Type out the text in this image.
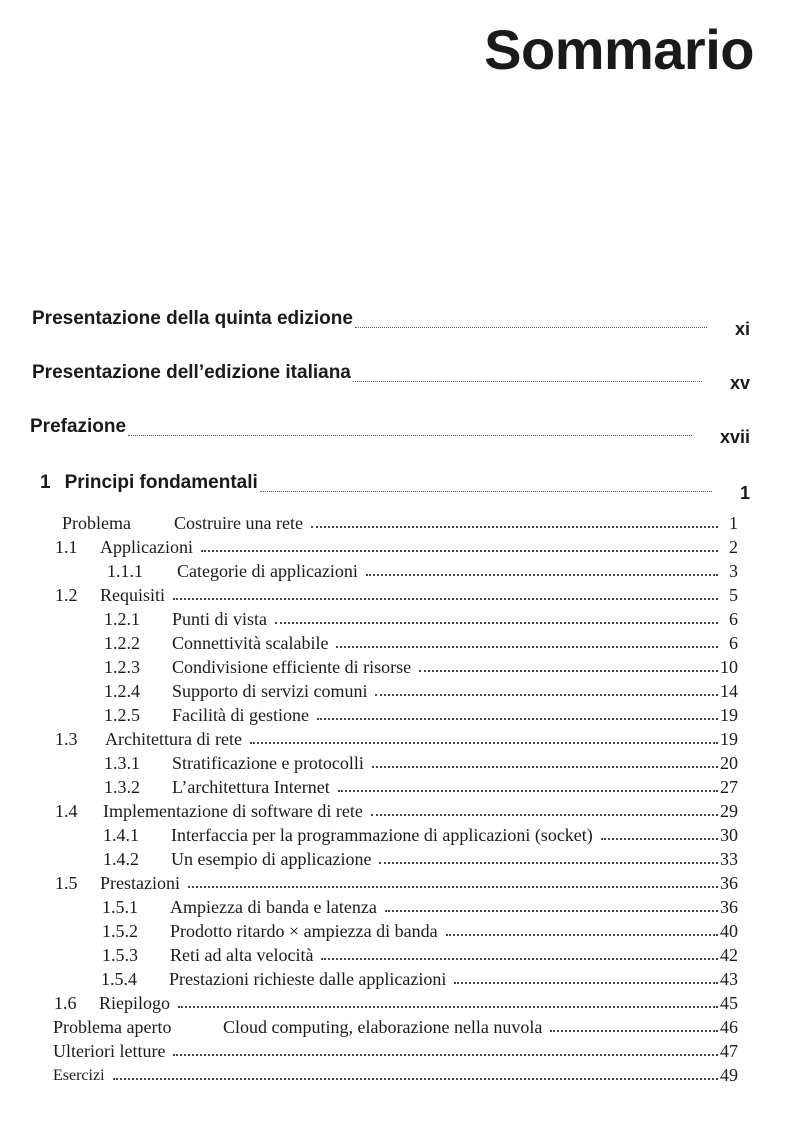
Sommario
Presentazione della quinta edizione	xi
Presentazione dell’edizione italiana	xv
Prefazione	xvii
1 Principi fondamentali	1
Problema	Costruire una rete	1
1.1	Applicazioni	2
1.1.1	Categorie di applicazioni	3
1.2	Requisiti	5
1.2.1	Punti di vista	6
1.2.2	Connettività scalabile	6
1.2.3	Condivisione efficiente di risorse	10
1.2.4	Supporto di servizi comuni	14
1.2.5	Facilità di gestione	19
1.3	Architettura di rete	19
1.3.1	Stratificazione e protocolli	20
1.3.2	L’architettura Internet	27
1.4	Implementazione di software di rete	29
1.4.1	Interfaccia per la programmazione di applicazioni (socket)	30
1.4.2	Un esempio di applicazione	33
1.5	Prestazioni	36
1.5.1	Ampiezza di banda e latenza	36
1.5.2	Prodotto ritardo × ampiezza di banda	40
1.5.3	Reti ad alta velocità	42
1.5.4	Prestazioni richieste dalle applicazioni	43
1.6	Riepilogo	45
Problema aperto	Cloud computing, elaborazione nella nuvola	46
Ulteriori letture	47
Esercizi	49
